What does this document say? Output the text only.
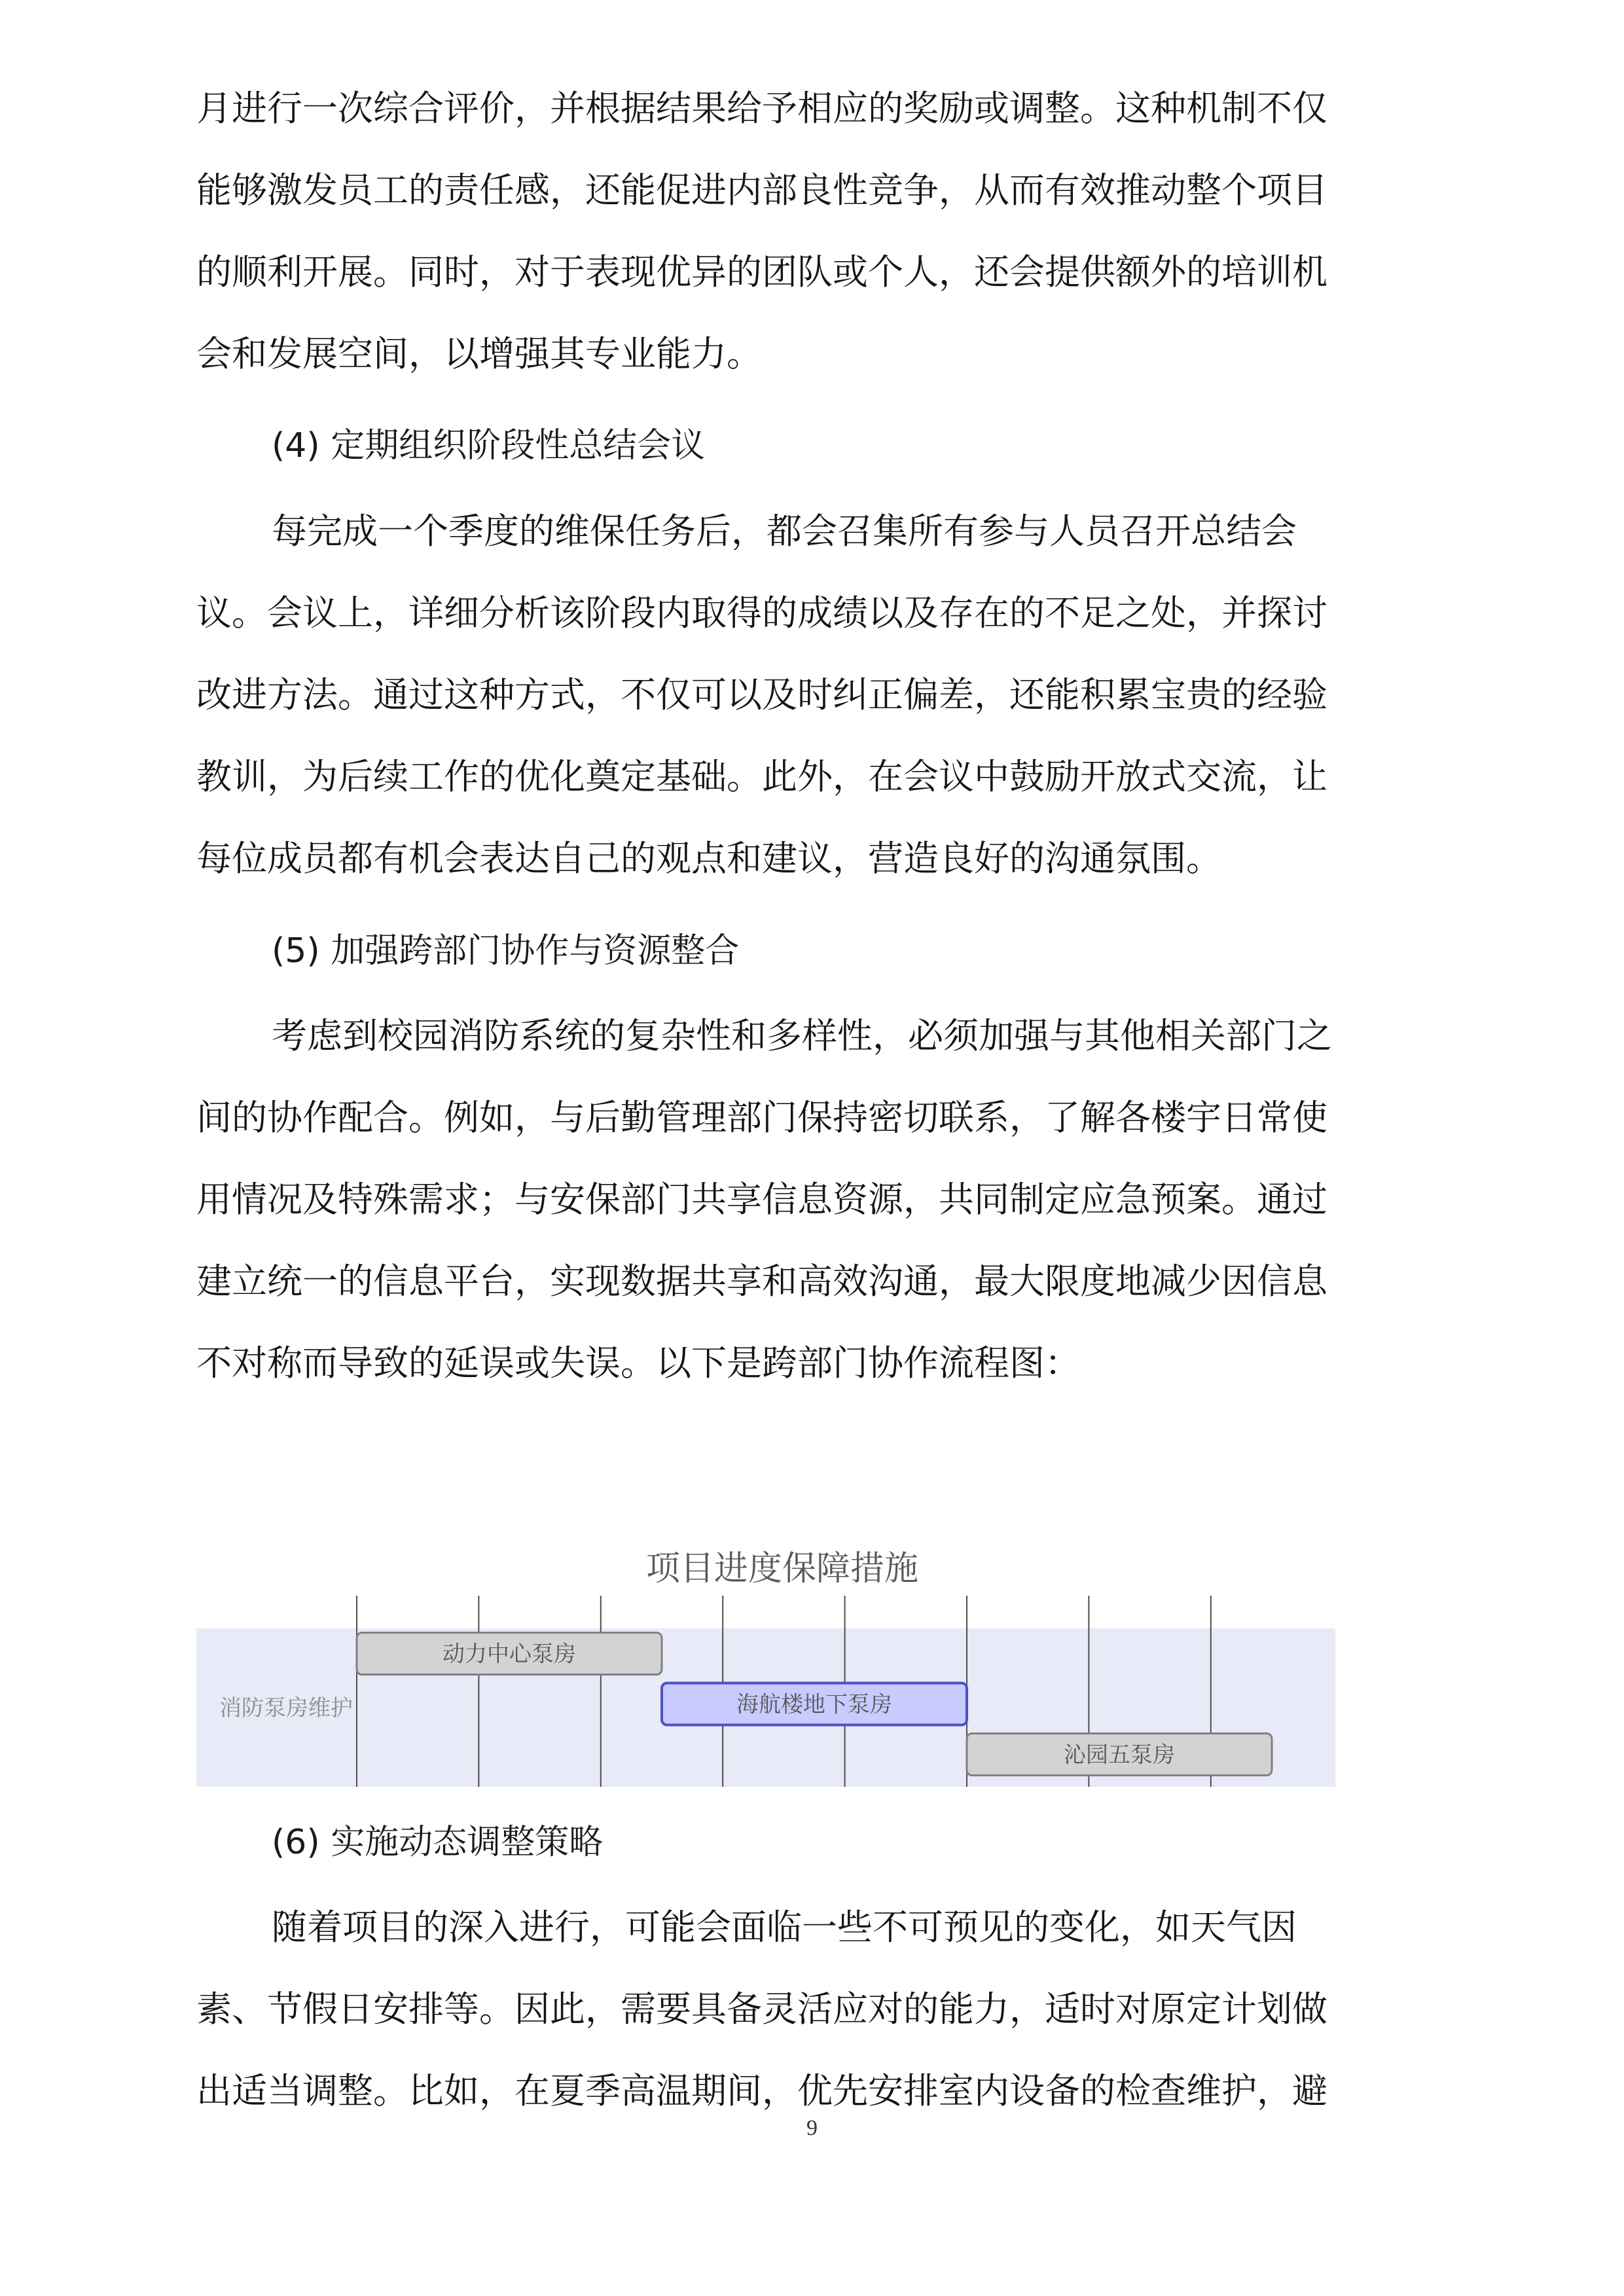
月进行一次综合评价，并根据结果给予相应的奖励或调整。这种机制不仅

能够激发员工的责任感，还能促进内部良性竞争，从而有效推动整个项目

的顺利开展。同时，对于表现优异的团队或个人，还会提供额外的培训机

会和发展空间，以增强其专业能力。

(4) 定期组织阶段性总结会议

每完成一个季度的维保任务后，都会召集所有参与人员召开总结会

议。会议上，详细分析该阶段内取得的成绩以及存在的不足之处，并探讨

改进方法。通过这种方式，不仅可以及时纠正偏差，还能积累宝贵的经验

教训，为后续工作的优化奠定基础。此外，在会议中鼓励开放式交流，让

每位成员都有机会表达自己的观点和建议，营造良好的沟通氛围。

(5) 加强跨部门协作与资源整合

考虑到校园消防系统的复杂性和多样性，必须加强与其他相关部门之

间的协作配合。例如，与后勤管理部门保持密切联系，了解各楼宇日常使

用情况及特殊需求；与安保部门共享信息资源，共同制定应急预案。通过

建立统一的信息平台，实现数据共享和高效沟通，最大限度地减少因信息

不对称而导致的延误或失误。以下是跨部门协作流程图：

项目进度保障措施
消防泵房维护
动力中心泵房
海航楼地下泵房
沁园五泵房

(6) 实施动态调整策略

随着项目的深入进行，可能会面临一些不可预见的变化，如天气因

素、节假日安排等。因此，需要具备灵活应对的能力，适时对原定计划做

出适当调整。比如，在夏季高温期间，优先安排室内设备的检查维护，避

9
